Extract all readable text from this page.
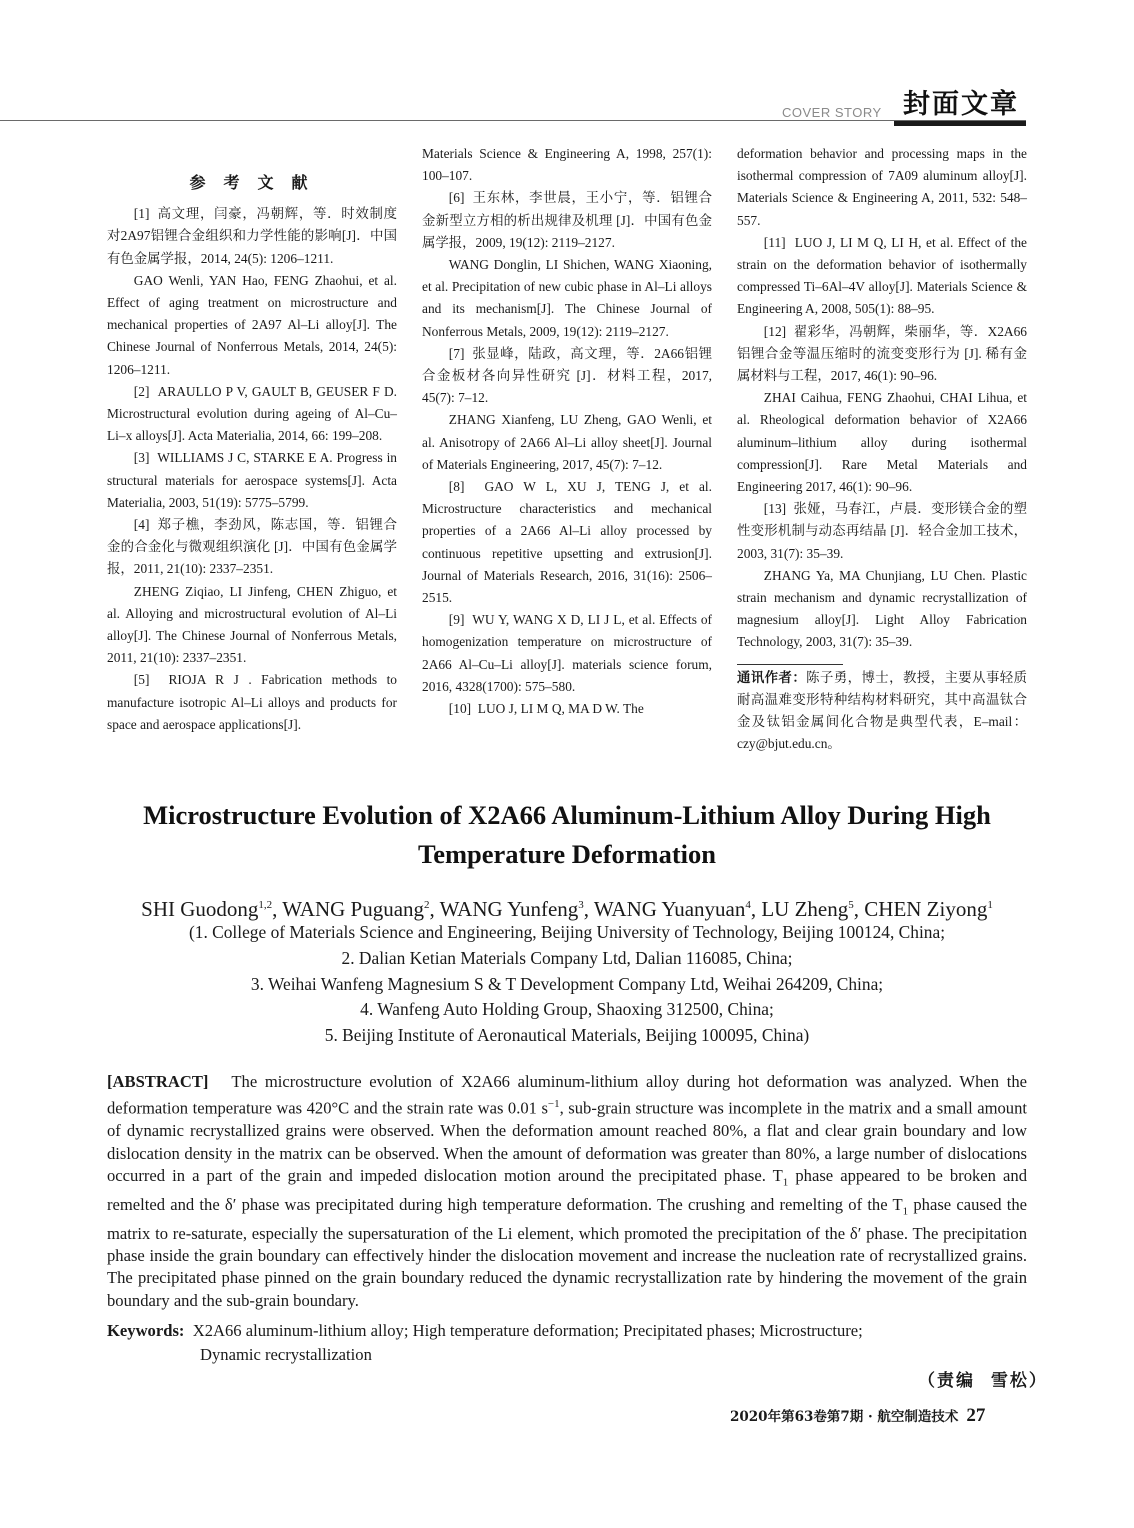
COVER STORY 封面文章

参 考 文 献

[1]  高文理，闫豪，冯朝辉，等．时效制度对2A97铝锂合金组织和力学性能的影响[J]．中国有色金属学报，2014, 24(5): 1206–1211.

GAO Wenli, YAN Hao, FENG Zhaohui, et al. Effect of aging treatment on microstructure and mechanical properties of 2A97 Al–Li alloy[J]. The Chinese Journal of Nonferrous Metals, 2014, 24(5): 1206–1211.

[2]  ARAULLO P V, GAULT B, GEUSER F D. Microstructural evolution during ageing of Al–Cu–Li–x alloys[J]. Acta Materialia, 2014, 66: 199–208.

[3]  WILLIAMS J C, STARKE E A. Progress in structural materials for aerospace systems[J]. Acta Materialia, 2003, 51(19): 5775–5799.

[4]  郑子樵，李劲风，陈志国，等．铝锂合金的合金化与微观组织演化 [J]．中国有色金属学报，2011, 21(10): 2337–2351.

ZHENG Ziqiao, LI Jinfeng, CHEN Zhiguo, et al. Alloying and microstructural evolution of Al–Li alloy[J]. The Chinese Journal of Nonferrous Metals, 2011, 21(10): 2337–2351.

[5]  RIOJA R J . Fabrication methods to manufacture isotropic Al–Li alloys and products for space and aerospace applications[J].

Materials Science & Engineering A, 1998, 257(1): 100–107.

[6]  王东林，李世晨，王小宁，等．铝锂合金新型立方相的析出规律及机理 [J]．中国有色金属学报，2009, 19(12): 2119–2127.

WANG Donglin, LI Shichen, WANG Xiaoning, et al. Precipitation of new cubic phase in Al–Li alloys and its mechanism[J]. The Chinese Journal of Nonferrous Metals, 2009, 19(12): 2119–2127.

[7]  张显峰，陆政，高文理，等．2A66铝锂合金板材各向异性研究 [J]．材料工程，2017, 45(7): 7–12.

ZHANG Xianfeng, LU Zheng, GAO Wenli, et al. Anisotropy of 2A66 Al–Li alloy sheet[J]. Journal of Materials Engineering, 2017, 45(7): 7–12.

[8]  GAO W L, XU J, TENG J, et al. Microstructure characteristics and mechanical properties of a 2A66 Al–Li alloy processed by continuous repetitive upsetting and extrusion[J]. Journal of Materials Research, 2016, 31(16): 2506–2515.

[9]  WU Y, WANG X D, LI J L, et al. Effects of homogenization temperature on microstructure of 2A66 Al–Cu–Li alloy[J]. materials science forum, 2016, 4328(1700): 575–580.

[10]  LUO J, LI M Q, MA D W. The

deformation behavior and processing maps in the isothermal compression of 7A09 aluminum alloy[J]. Materials Science & Engineering A, 2011, 532: 548–557.

[11]  LUO J, LI M Q, LI H, et al. Effect of the strain on the deformation behavior of isothermally compressed Ti–6Al–4V alloy[J]. Materials Science & Engineering A, 2008, 505(1): 88–95.

[12]  翟彩华，冯朝辉，柴丽华，等．X2A66铝锂合金等温压缩时的流变变形行为 [J]. 稀有金属材料与工程，2017, 46(1): 90–96.

ZHAI Caihua, FENG Zhaohui, CHAI Lihua, et al. Rheological deformation behavior of X2A66 aluminum–lithium alloy during isothermal compression[J]. Rare Metal Materials and Engineering 2017, 46(1): 90–96.

[13]  张娅，马春江，卢晨．变形镁合金的塑性变形机制与动态再结晶 [J]．轻合金加工技术，2003, 31(7): 35–39.

ZHANG Ya, MA Chunjiang, LU Chen. Plastic strain mechanism and dynamic recrystallization of magnesium alloy[J]. Light Alloy Fabrication Technology, 2003, 31(7): 35–39.

通讯作者：陈子勇，博士，教授，主要从事轻质耐高温难变形特种结构材料研究，其中高温钛合金及钛铝金属间化合物是典型代表，E–mail：czy@bjut.edu.cn。

Microstructure Evolution of X2A66 Aluminum-Lithium Alloy During High
Temperature Deformation
SHI Guodong$^{1,2}$, WANG Puguang$^2$, WANG Yunfeng$^3$, WANG Yuanyuan$^4$, LU Zheng$^5$, CHEN Ziyong$^1$
(1. College of Materials Science and Engineering, Beijing University of Technology, Beijing 100124, China;
2. Dalian Ketian Materials Company Ltd, Dalian 116085, China;
3. Weihai Wanfeng Magnesium S & T Development Company Ltd, Weihai 264209, China;
4. Wanfeng Auto Holding Group, Shaoxing 312500, China;
5. Beijing Institute of Aeronautical Materials, Beijing 100095, China)
[ABSTRACT]   The microstructure evolution of X2A66 aluminum-lithium alloy during hot deformation was analyzed. When the deformation temperature was 420°C and the strain rate was 0.01 $s^{-1}$, sub-grain structure was incomplete in the matrix and a small amount of dynamic recrystallized grains were observed. When the deformation amount reached 80%, a flat and clear grain boundary and low dislocation density in the matrix can be observed. When the amount of deformation was greater than 80%, a large number of dislocations occurred in a part of the grain and impeded dislocation motion around the precipitated phase. $T_1$ phase appeared to be broken and remelted and the δ′ phase was precipitated during high temperature deformation. The crushing and remelting of the $T_1$ phase caused the matrix to re-saturate, especially the supersaturation of the Li element, which promoted the precipitation of the δ′ phase. The precipitation phase inside the grain boundary can effectively hinder the dislocation movement and increase the nucleation rate of recrystallized grains. The precipitated phase pinned on the grain boundary reduced the dynamic recrystallization rate by hindering the movement of the grain boundary and the sub-grain boundary.
Keywords:  X2A66 aluminum-lithium alloy; High temperature deformation; Precipitated phases; Microstructure;
Dynamic recrystallization
（责编  雪松）
2020年第63卷第7期 · 航空制造技术 27
